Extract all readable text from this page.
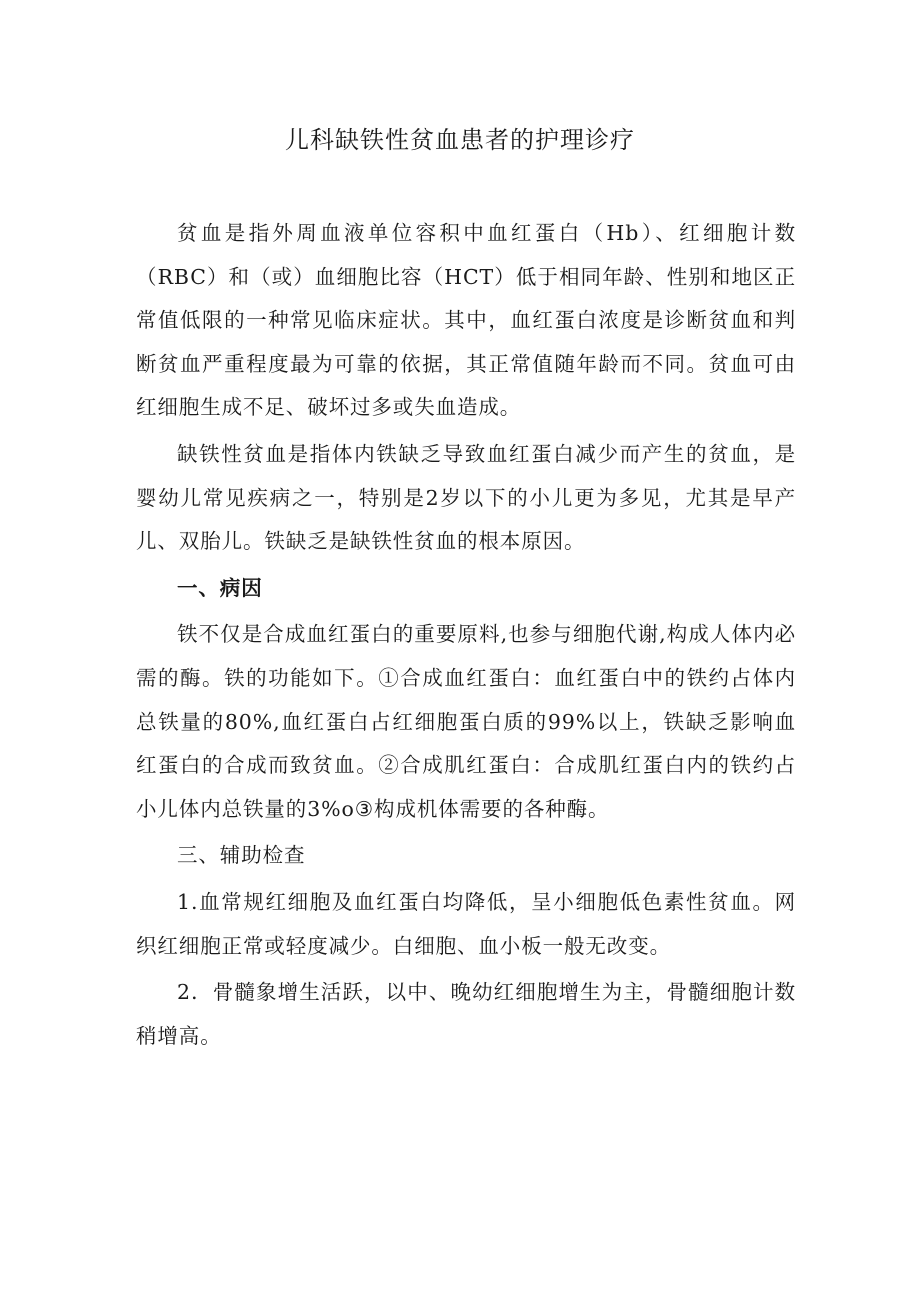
儿科缺铁性贫血患者的护理诊疗

贫血是指外周血液单位容积中血红蛋白（Hb）、红细胞计数（RBC）和（或）血细胞比容（HCT）低于相同年龄、性别和地区正常值低限的一种常见临床症状。其中，血红蛋白浓度是诊断贫血和判断贫血严重程度最为可靠的依据，其正常值随年龄而不同。贫血可由红细胞生成不足、破坏过多或失血造成。

缺铁性贫血是指体内铁缺乏导致血红蛋白减少而产生的贫血，是婴幼儿常见疾病之一，特别是2岁以下的小儿更为多见，尤其是早产儿、双胎儿。铁缺乏是缺铁性贫血的根本原因。

一、病因

铁不仅是合成血红蛋白的重要原料,也参与细胞代谢,构成人体内必需的酶。铁的功能如下。①合成血红蛋白：血红蛋白中的铁约占体内总铁量的80%,血红蛋白占红细胞蛋白质的99%以上，铁缺乏影响血红蛋白的合成而致贫血。②合成肌红蛋白：合成肌红蛋白内的铁约占小儿体内总铁量的3%o③构成机体需要的各种酶。

三、辅助检查

1.血常规红细胞及血红蛋白均降低，呈小细胞低色素性贫血。网织红细胞正常或轻度减少。白细胞、血小板一般无改变。

2．骨髓象增生活跃，以中、晚幼红细胞增生为主，骨髓细胞计数稍增高。
